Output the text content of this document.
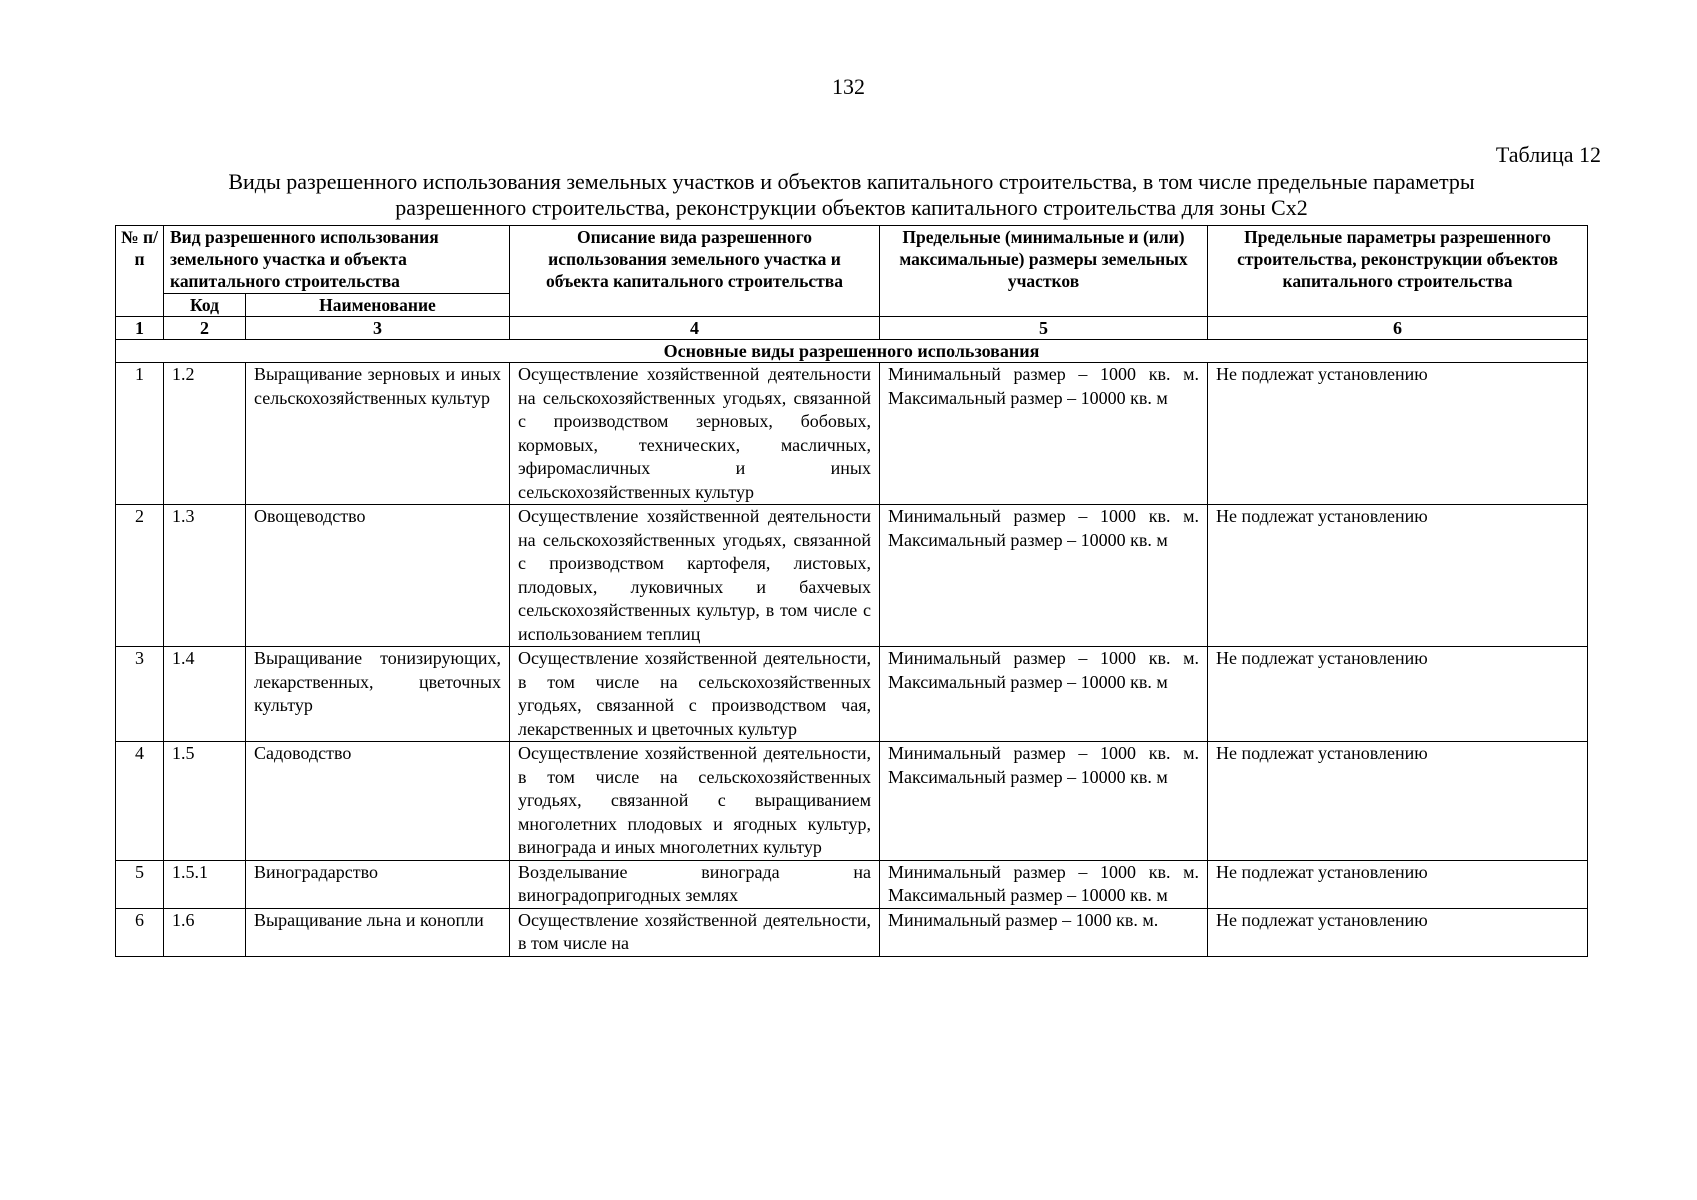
132
Таблица 12
Виды разрешенного использования земельных участков и объектов капитального строительства, в том числе предельные параметры
разрешенного строительства, реконструкции объектов капитального строительства для зоны Сх2
№ п/п	Вид разрешенного использования земельного участка и объекта капитального строительства		Описание вида разрешенного использования земельного участка и объекта капитального строительства	Предельные (минимальные и (или) максимальные) размеры земельных участков	Предельные параметры разрешенного строительства, реконструкции объектов капитального строительства
	Код	Наименование			
1	2	3	4	5	6
Основные виды разрешенного использования					
1	1.2	Выращивание зерновых и иных сельскохозяйственных культур	Осуществление хозяйственной деятельности на сельскохозяйственных угодьях, связанной с производством зерновых, бобовых, кормовых, технических, масличных, эфиромасличных и иных сельскохозяйственных культур	Минимальный размер – 1000 кв. м. Максимальный размер – 10000 кв. м	Не подлежат установлению
2	1.3	Овощеводство	Осуществление хозяйственной деятельности на сельскохозяйственных угодьях, связанной с производством картофеля, листовых, плодовых, луковичных и бахчевых сельскохозяйственных культур, в том числе с использованием теплиц	Минимальный размер – 1000 кв. м. Максимальный размер – 10000 кв. м	Не подлежат установлению
3	1.4	Выращивание тонизирующих, лекарственных, цветочных культур	Осуществление хозяйственной деятельности, в том числе на сельскохозяйственных угодьях, связанной с производством чая, лекарственных и цветочных культур	Минимальный размер – 1000 кв. м. Максимальный размер – 10000 кв. м	Не подлежат установлению
4	1.5	Садоводство	Осуществление хозяйственной деятельности, в том числе на сельскохозяйственных угодьях, связанной с выращиванием многолетних плодовых и ягодных культур, винограда и иных многолетних культур	Минимальный размер – 1000 кв. м. Максимальный размер – 10000 кв. м	Не подлежат установлению
5	1.5.1	Виноградарство	Возделывание винограда на виноградопригодных землях	Минимальный размер – 1000 кв. м. Максимальный размер – 10000 кв. м	Не подлежат установлению
6	1.6	Выращивание льна и конопли	Осуществление хозяйственной деятельности, в том числе на	Минимальный размер – 1000 кв. м.	Не подлежат установлению
